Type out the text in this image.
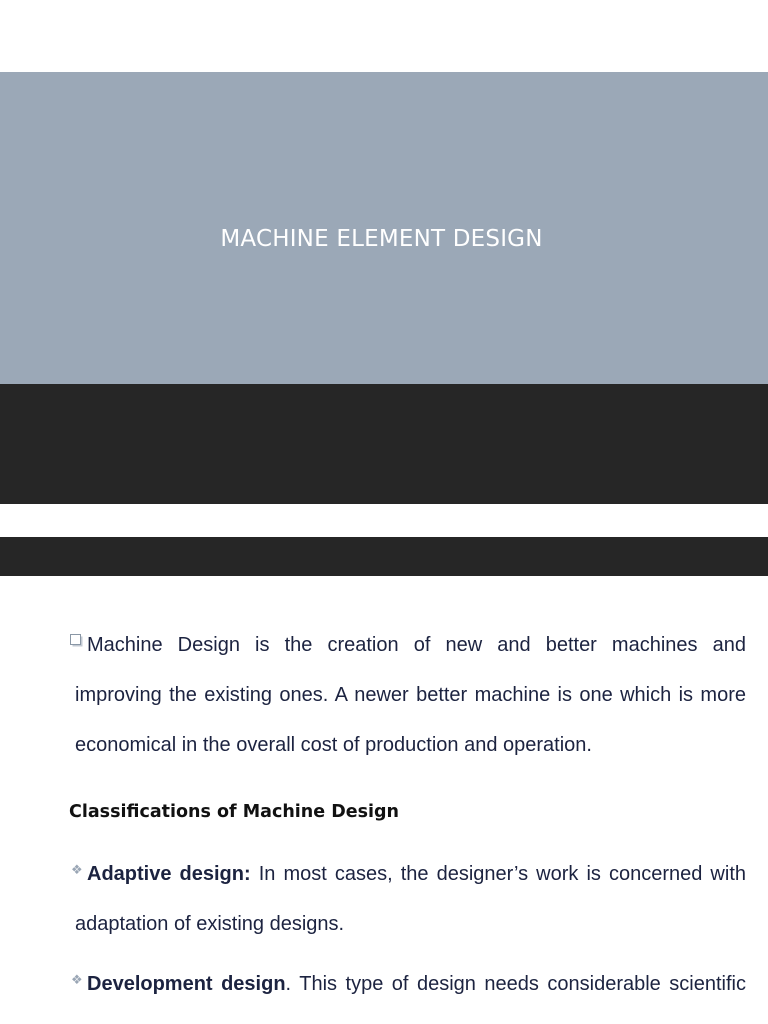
MACHINE ELEMENT DESIGN
Machine Design is the creation of new and better machines and
improving the existing ones. A newer better machine is one which is more
economical in the overall cost of production and operation.
Classifications of Machine Design
❖ Adaptive design: In most cases, the designer’s work is concerned with
adaptation of existing designs.
❖ Development design. This type of design needs considerable scientific
